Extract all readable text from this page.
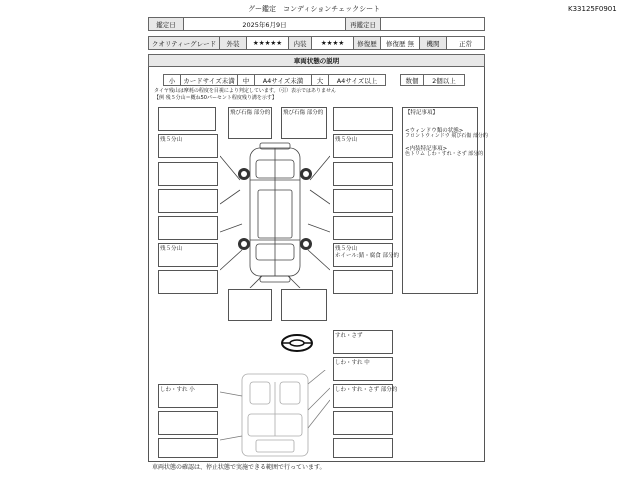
グー鑑定　コンディションチェックシート	K33125F0901
鑑定日	2025年6月9日	再鑑定日
クオリティーグレード	外装	★★★★★	内装	★★★★	修復歴	修復歴 無	機関	正常
車両状態の説明
小	カードサイズ未満	中	A4サイズ未満	大	A4サイズ以上	数個	2個以上
タイヤ残山は摩耗の程度を目視により判定しています。（引）表示ではありません
【例 残５分山＝概ね50パーセント程度残り溝を示す】
残５分山
残５分山
飛び石傷 部分的 飛び石傷 部分的
残５分山
残５分山
ホイール:錆・腐食 部分的
【特記事項】
<ウィンドウ類の状態>
フロントウィンドウ 飛び石傷 部分的
<内装特記事項>
色トリム しわ・すれ・さず 部分的
すれ・さず
しわ・すれ 中
しわ・すれ 小	しわ・すれ・さず 部分的
車両状態の確認は、停止状態で実施できる範囲で行っています。
